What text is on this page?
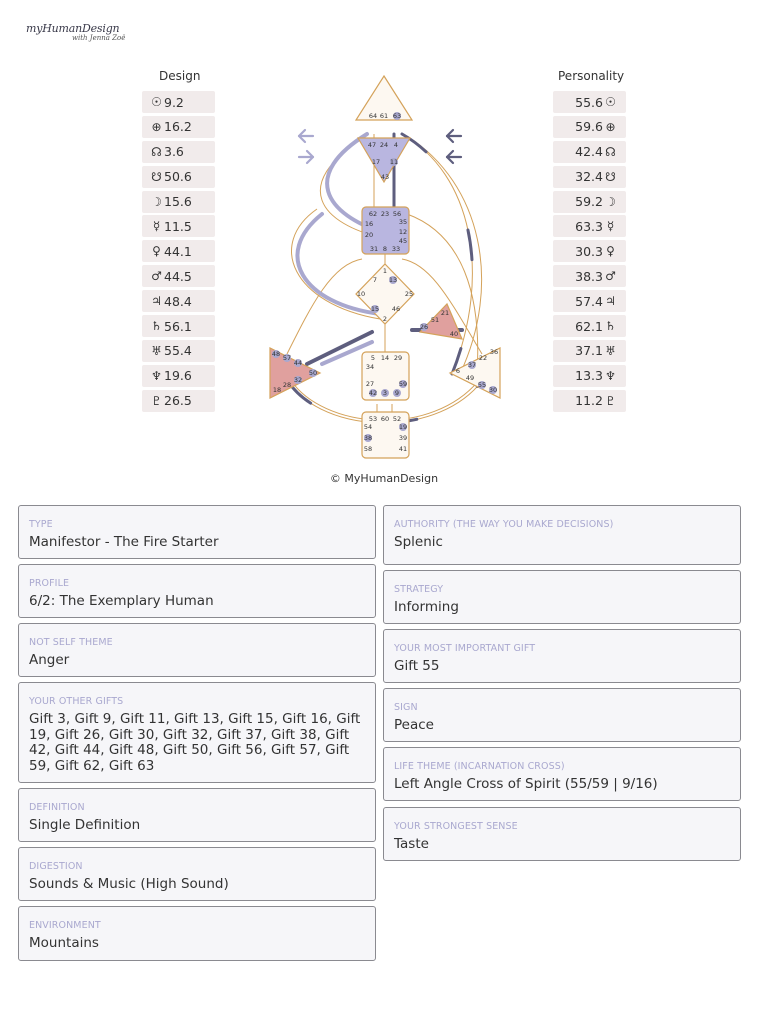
myHumanDesign
with Jenna Zoë
Design	Personality
☉ 9.2
⊕ 16.2
☊ 3.6
☋ 50.6
☽ 15.6
☿ 11.5
♀ 44.1
♂ 44.5
♃ 48.4
♄ 56.1
♅ 55.4
♆ 19.6
♇ 26.5
55.6 ☉
59.6 ⊕
42.4 ☊
32.4 ☋
59.2 ☽
63.3 ☿
30.3 ♀
38.3 ♂
57.4 ♃
62.1 ♄
37.1 ♅
13.3 ♆
11.2 ♇
64 61 63
47 24 4
17 11
43
62 23 56
16	35
20	12
45
31 8 33
1
7 13
10	25
15 46
2
21
51
26
40
48 57
44
50
32
28
18
36
22
37
6
49
55
30
5 14 29
34
27	59
42 3 9
53 60 52
54	19
38	39
58	41
© MyHumanDesign
TYPE
Manifestor - The Fire Starter
PROFILE
6/2: The Exemplary Human
NOT SELF THEME
Anger
YOUR OTHER GIFTS
Gift 3, Gift 9, Gift 11, Gift 13, Gift 15, Gift 16, Gift 19, Gift 26, Gift 30, Gift 32, Gift 37, Gift 38, Gift 42, Gift 44, Gift 48, Gift 50, Gift 56, Gift 57, Gift 59, Gift 62, Gift 63
DEFINITION
Single Definition
DIGESTION
Sounds & Music (High Sound)
ENVIRONMENT
Mountains
AUTHORITY (THE WAY YOU MAKE DECISIONS)
Splenic
STRATEGY
Informing
YOUR MOST IMPORTANT GIFT
Gift 55
SIGN
Peace
LIFE THEME (INCARNATION CROSS)
Left Angle Cross of Spirit (55/59 | 9/16)
YOUR STRONGEST SENSE
Taste
